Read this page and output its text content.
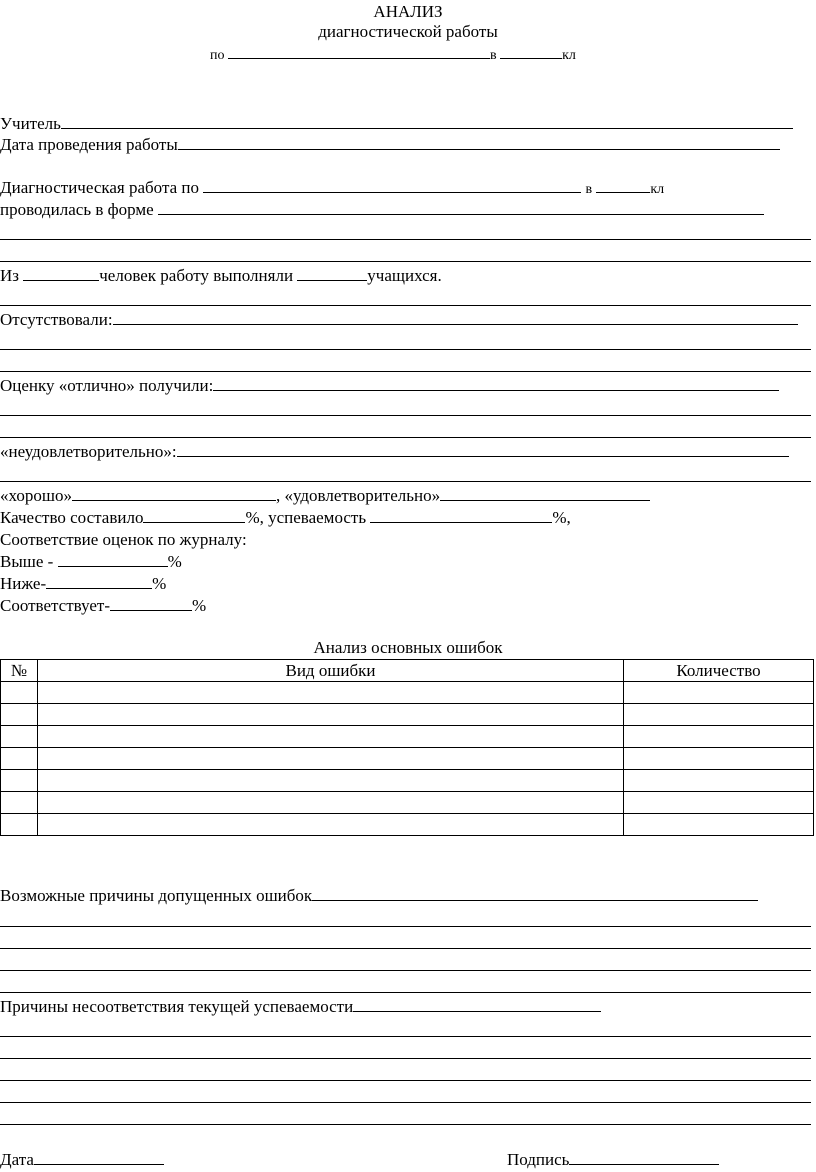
АНАЛИЗ
диагностической работы
по	в	кл
Учитель
Дата проведения работы
Диагностическая работа по	в	кл
проводилась в форме
Из	человек работу выполняли	учащихся.
Отсутствовали:
Оценку «отлично» получили:
«неудовлетворительно»:
«хорошо»	, «удовлетворительно»
Качество составило	%, успеваемость	%,
Соответствие оценок по журналу:
Выше -	%
Ниже-	%
Соответствует-	%
Анализ основных ошибок
№	Вид ошибки	Количество

Возможные причины допущенных ошибок
Причины несоответствия текущей успеваемости
Дата	Подпись
